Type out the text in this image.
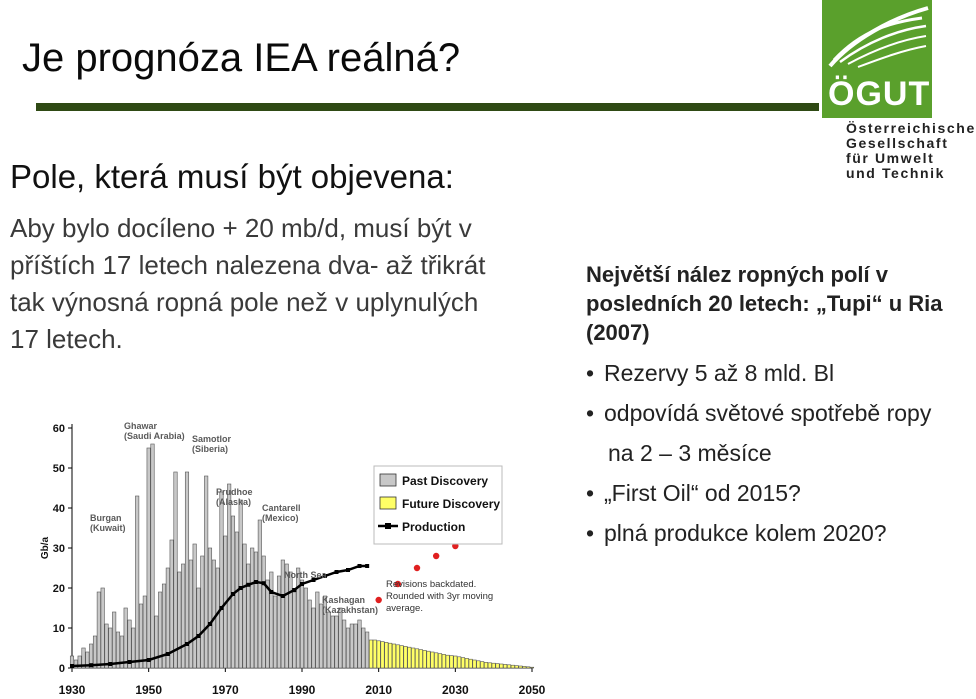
Je prognóza IEA reálná?
ÖGUT
Österreichische
Gesellschaft
für Umwelt
und Technik
Pole, která musí být objevena:
Aby bylo docíleno + 20 mb/d, musí být v
příštích 17 letech nalezena dva- až třikrát
tak výnosná ropná pole než v uplynulých
17 letech.
Největší nález ropných polí v
posledních 20 letech: „Tupi“ u Ria
(2007)
• Rezervy 5 až 8 mld. Bl
• odpovídá světové spotřebě ropy
na 2 – 3 měsíce
• „First Oil“ od 2015?
• plná produkce kolem 2020?
0
10
20
30
40
50
60
1930	1950	1970	1990	2010	2030	2050
Gb/a
Past Discovery
Future Discovery
Production
Ghawar
(Saudi Arabia) Samotlor
(Siberia)
Burgan
(Kuwait)
Prudhoe
(Alaska)
Cantarell
(Mexico)
North Sea
Kashagan
(Kazakhstan)
Revisions backdated.
Rounded with 3yr moving
average.
